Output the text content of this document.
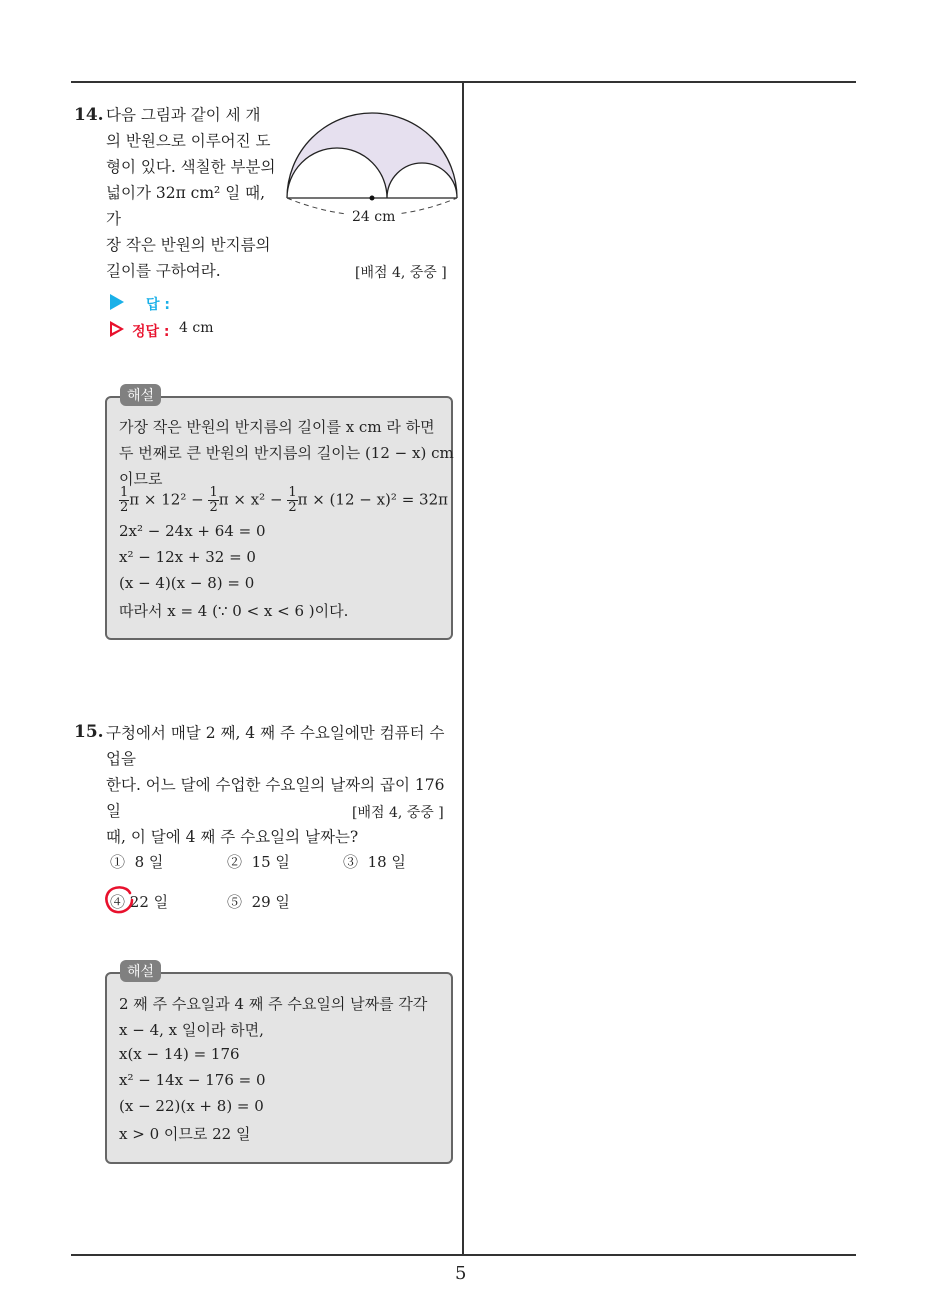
5
14. 다음 그림과 같이 세 개
의 반원으로 이루어진 도
형이 있다. 색칠한 부분의
넓이가 32π cm² 일 때, 가
장 작은 반원의 반지름의
길이를 구하여라.
24 cm
[배점 4, 중중 ]
답 :
정답 : 4 cm
가장 작은 반원의 반지름의 길이를 x cm 라 하면
두 번째로 큰 반원의 반지름의 길이는 (12 − x) cm
이므로
$\frac{1}{2}$ $\pi \times 12^2 - \frac{1}{2}$ $\pi \times x^2 - \frac{1}{2}$ π × (12 − x)² = 32π
2x² − 24x + 64 = 0
x² − 12x + 32 = 0
(x − 4)(x − 8) = 0
따라서 x = 4 (∵ 0 < x < 6 )이다.
해설
15. 구청에서 매달 2 째, 4 째 주 수요일에만 컴퓨터 수업을
한다. 어느 달에 수업한 수요일의 날짜의 곱이 176 일
때, 이 달에 4 째 주 수요일의 날짜는?
[배점 4, 중중 ]
① 8 일	② 15 일	③ 18 일
④ 22 일	⑤ 29 일
2 째 주 수요일과 4 째 주 수요일의 날짜를 각각
x − 4, x 일이라 하면,
x(x − 14) = 176
x² − 14x − 176 = 0
(x − 22)(x + 8) = 0
x > 0 이므로 22 일
해설
